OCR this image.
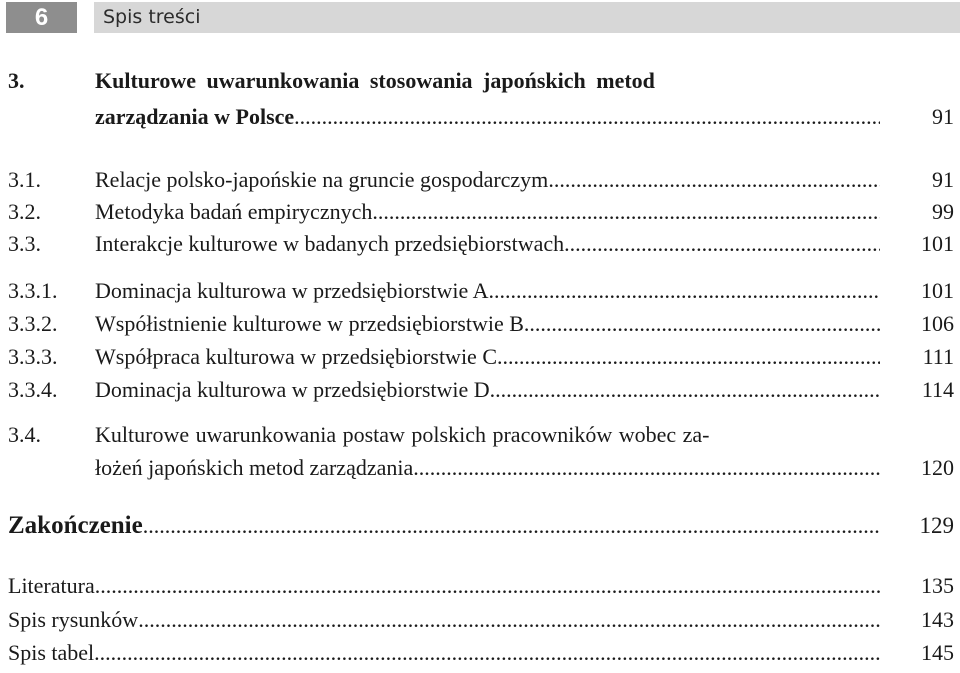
6	Spis treści
3.	Kulturowe uwarunkowania stosowania japońskich metod
zarządzania w Polsce .....	91
3.1. Relacje polsko-japońskie na gruncie gospodarczym .....	91
3.2. Metodyka badań empirycznych .....	99
3.3. Interakcje kulturowe w badanych przedsiębiorstwach .....	101
3.3.1. Dominacja kulturowa w przedsiębiorstwie A .....	101
3.3.2. Współistnienie kulturowe w przedsiębiorstwie B .....	106
3.3.3. Współpraca kulturowa w przedsiębiorstwie C .....	111
3.3.4. Dominacja kulturowa w przedsiębiorstwie D .....	114
3.4. Kulturowe uwarunkowania postaw polskich pracowników wobec za-
łożeń japońskich metod zarządzania .....	120
Zakończenie .....	129
Literatura .....	135
Spis rysunków .....	143
Spis tabel .....	145
